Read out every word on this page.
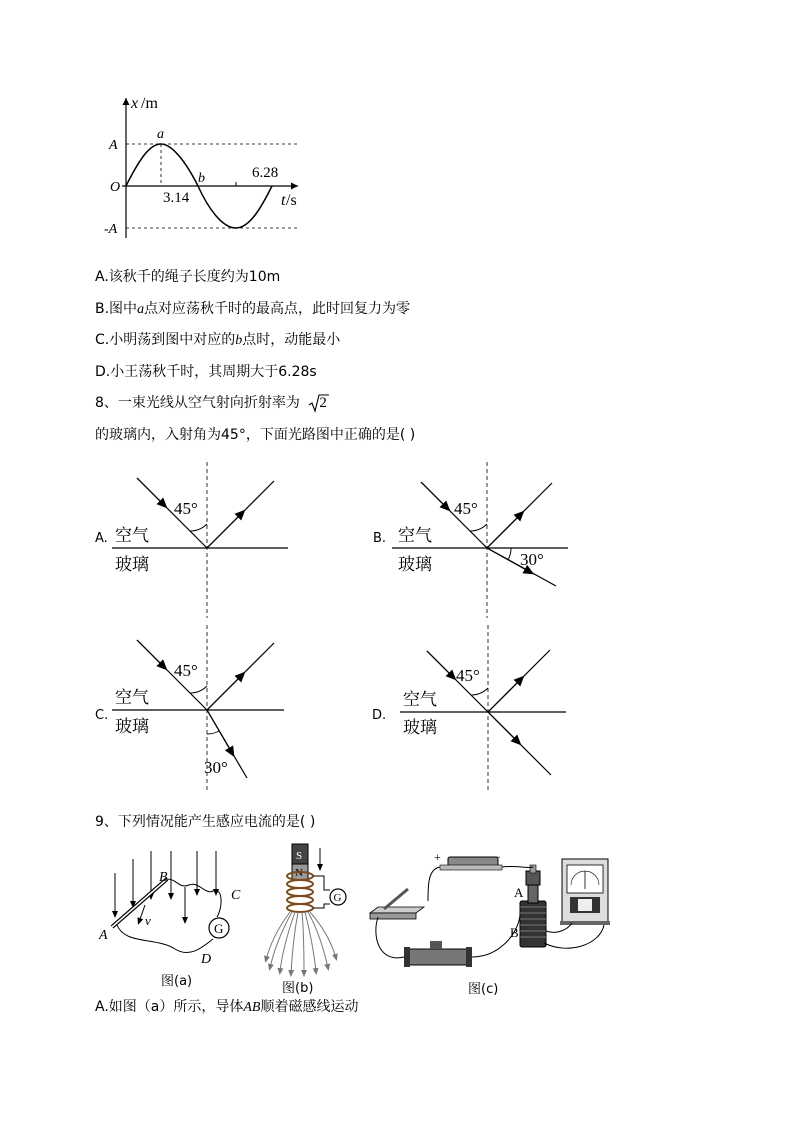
x /m
A
-A
O
a
b
3.14
6.28
t /s
A.该秋千的绳子长度约为10m
B.图中a点对应荡秋千时的最高点，此时回复力为零
C.小明荡到图中对应的b点时，动能最小
D.小王荡秋千时，其周期大于6.28s
8、一束光线从空气射向折射率为 2
的玻璃内，入射角为45°，下面光路图中正确的是( )
45°
空气
玻璃
A.
45°
30°
空气
玻璃
B.
45°
30°
空气
玻璃
C.
45°
空气
玻璃
D.
9、下列情况能产生感应电流的是( )
G
A
B
C
D
v
图(a)
S
N
G
图(b)
+	−
A
B
图(c)
A.如图（a）所示，导体AB顺着磁感线运动
